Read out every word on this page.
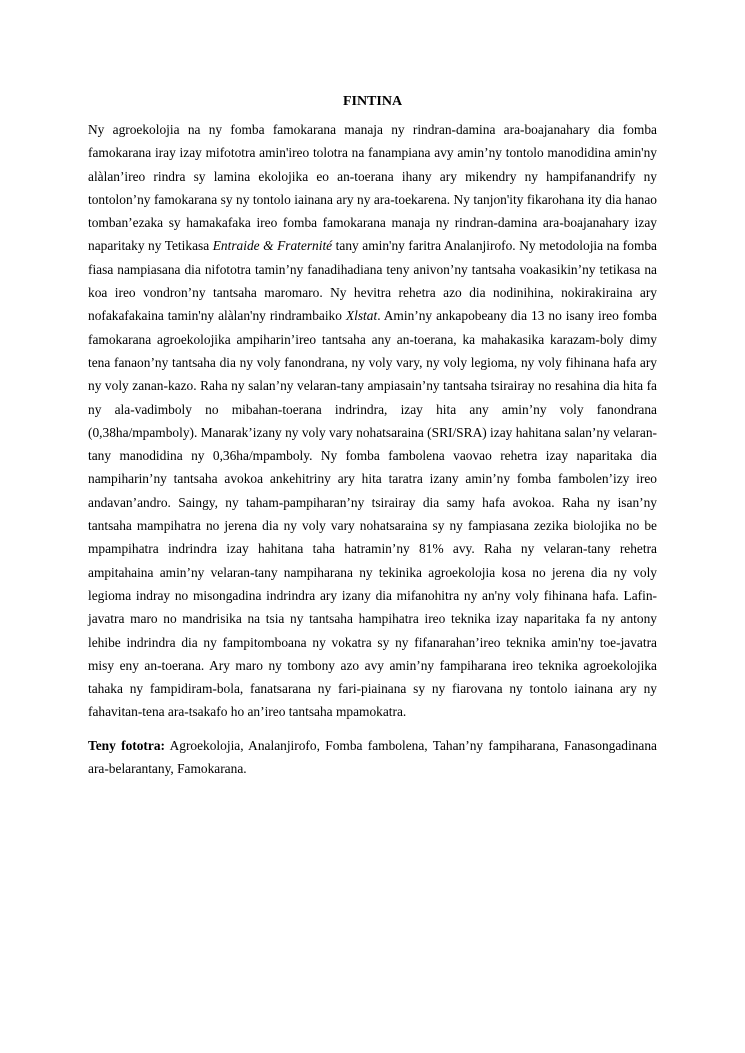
FINTINA

Ny agroekolojia na ny fomba famokarana manaja ny rindran-damina ara-boajanahary dia fomba famokarana iray izay mifototra amin'ireo tolotra na fanampiana avy amin’ny tontolo manodidina amin'ny alàlan’ireo rindra sy lamina ekolojika eo an-toerana ihany ary mikendry ny hampifanandrify ny tontolon’ny famokarana sy ny tontolo iainana ary ny ara-toekarena. Ny tanjon'ity fikarohana ity dia hanao tomban’ezaka sy hamakafaka ireo fomba famokarana manaja ny rindran-damina ara-boajanahary izay naparitaky ny Tetikasa Entraide & Fraternité tany amin'ny faritra Analanjirofo. Ny metodolojia na fomba fiasa nampiasana dia nifototra tamin’ny fanadihadiana teny anivon’ny tantsaha voakasikin’ny tetikasa na koa ireo vondron’ny tantsaha maromaro. Ny hevitra rehetra azo dia nodinihina, nokirakiraina ary nofakafakaina tamin'ny alàlan'ny rindrambaiko Xlstat. Amin’ny ankapobeany dia 13 no isany ireo fomba famokarana agroekolojika ampiharin’ireo tantsaha any an-toerana, ka mahakasika karazam-boly dimy tena fanaon’ny tantsaha dia ny voly fanondrana, ny voly vary, ny voly legioma, ny voly fihinana hafa ary ny voly zanan-kazo. Raha ny salan’ny velaran-tany ampiasain’ny tantsaha tsirairay no resahina dia hita fa ny ala-vadimboly no mibahan-toerana indrindra, izay hita any amin’ny voly fanondrana (0,38ha/mpamboly). Manarak’izany ny voly vary nohatsaraina (SRI/SRA) izay hahitana salan’ny velaran-tany manodidina ny 0,36ha/mpamboly. Ny fomba fambolena vaovao rehetra izay naparitaka dia nampiharin’ny tantsaha avokoa ankehitriny ary hita taratra izany amin’ny fomba fambolen’izy ireo andavan’andro. Saingy, ny taham-pampiharan’ny tsirairay dia samy hafa avokoa. Raha ny isan’ny tantsaha mampihatra no jerena dia ny voly vary nohatsaraina sy ny fampiasana zezika biolojika no be mpampihatra indrindra izay hahitana taha hatramin’ny 81% avy. Raha ny velaran-tany rehetra ampitahaina amin’ny velaran-tany nampiharana ny tekinika agroekolojia kosa no jerena dia ny voly legioma indray no misongadina indrindra ary izany dia mifanohitra ny an'ny voly fihinana hafa. Lafin-javatra maro no mandrisika na tsia ny tantsaha hampihatra ireo teknika izay naparitaka fa ny antony lehibe indrindra dia ny fampitomboana ny vokatra sy ny fifanarahan’ireo teknika amin'ny toe-javatra misy eny an-toerana. Ary maro ny tombony azo avy amin’ny fampiharana ireo teknika agroekolojika tahaka ny fampidiram-bola, fanatsarana ny fari-piainana sy ny fiarovana ny tontolo iainana ary ny fahavitan-tena ara-tsakafo ho an’ireo tantsaha mpamokatra.

Teny fototra: Agroekolojia, Analanjirofo, Fomba fambolena, Tahan’ny fampiharana, Fanasongadinana ara-belarantany, Famokarana.
